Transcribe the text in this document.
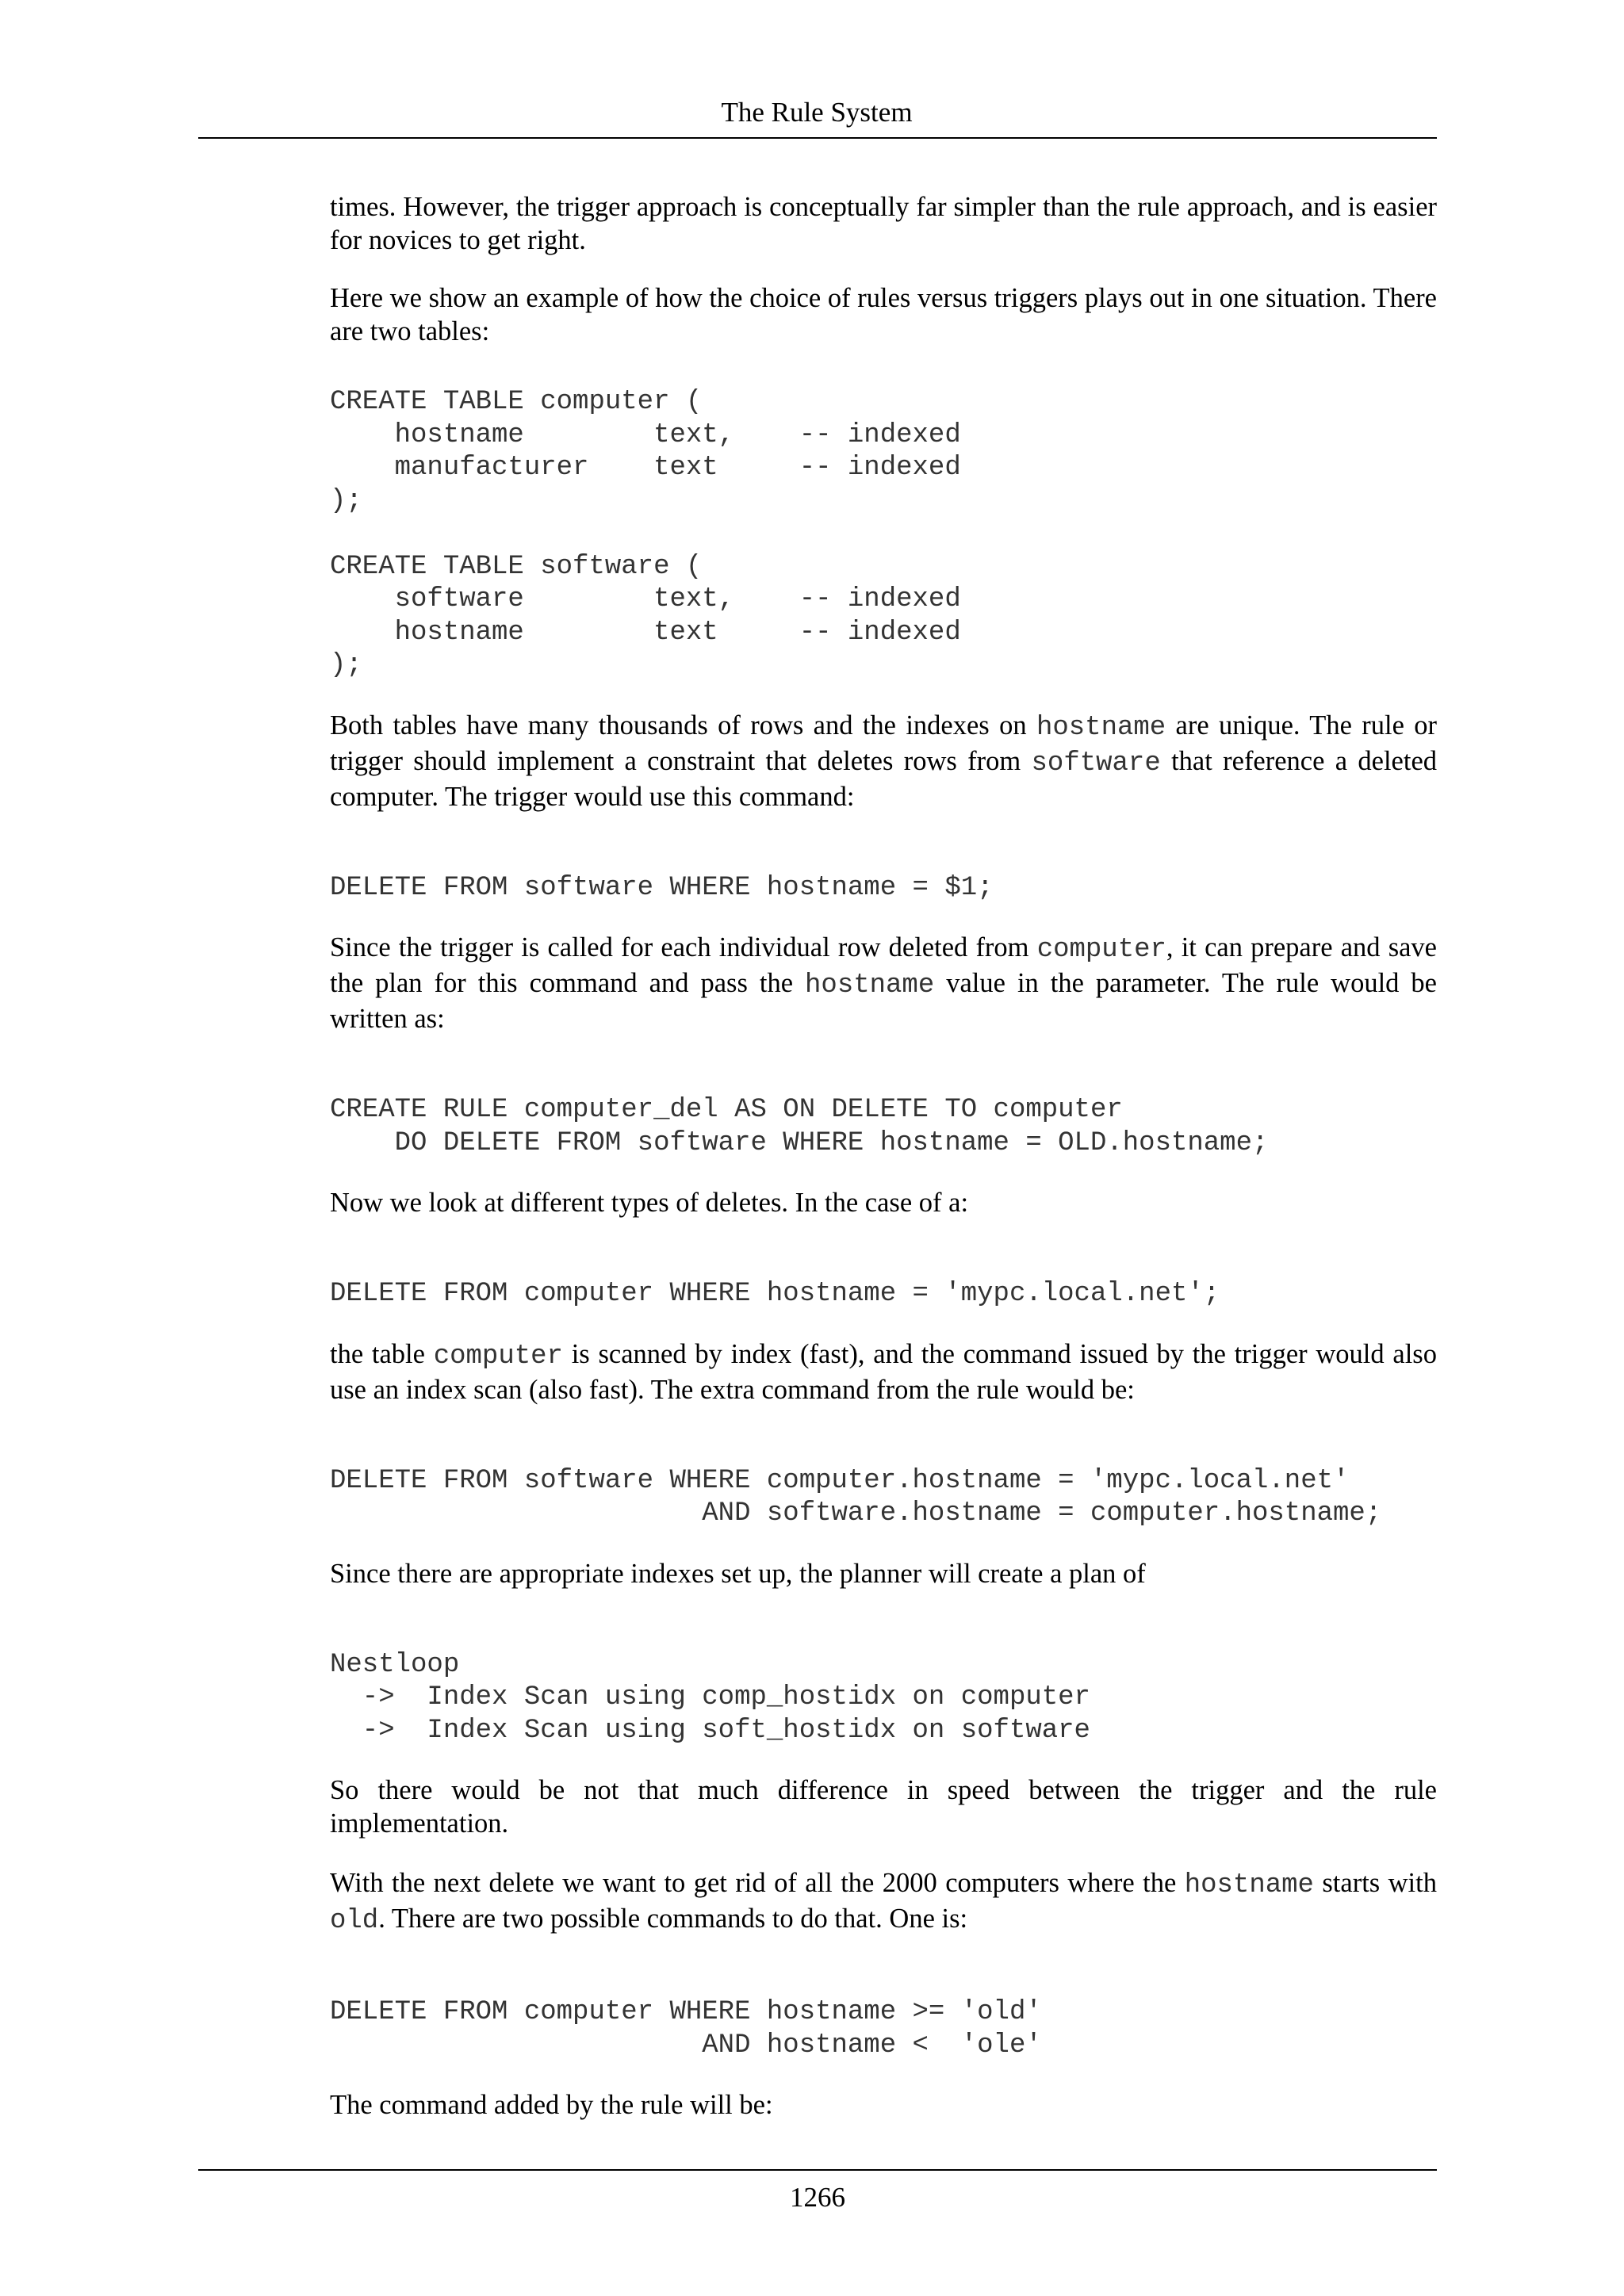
The Rule System

times. However, the trigger approach is conceptually far simpler than the rule approach, and is easier for novices to get right.

Here we show an example of how the choice of rules versus triggers plays out in one situation. There are two tables:

CREATE TABLE computer (
hostname        text,    -- indexed
manufacturer    text     -- indexed
);

CREATE TABLE software (
software        text,    -- indexed
hostname        text     -- indexed
);

Both tables have many thousands of rows and the indexes on hostname are unique. The rule or trigger should implement a constraint that deletes rows from software that reference a deleted computer. The trigger would use this command:

DELETE FROM software WHERE hostname = $1;

Since the trigger is called for each individual row deleted from computer, it can prepare and save the plan for this command and pass the hostname value in the parameter. The rule would be written as:

CREATE RULE computer_del AS ON DELETE TO computer
DO DELETE FROM software WHERE hostname = OLD.hostname;

Now we look at different types of deletes. In the case of a:

DELETE FROM computer WHERE hostname = 'mypc.local.net';

the table computer is scanned by index (fast), and the command issued by the trigger would also use an index scan (also fast). The extra command from the rule would be:

DELETE FROM software WHERE computer.hostname = 'mypc.local.net'
AND software.hostname = computer.hostname;

Since there are appropriate indexes set up, the planner will create a plan of

Nestloop
->  Index Scan using comp_hostidx on computer
->  Index Scan using soft_hostidx on software

So there would be not that much difference in speed between the trigger and the rule implementation.

With the next delete we want to get rid of all the 2000 computers where the hostname starts with old. There are two possible commands to do that. One is:

DELETE FROM computer WHERE hostname >= 'old'
AND hostname <  'ole'

The command added by the rule will be:

1266
